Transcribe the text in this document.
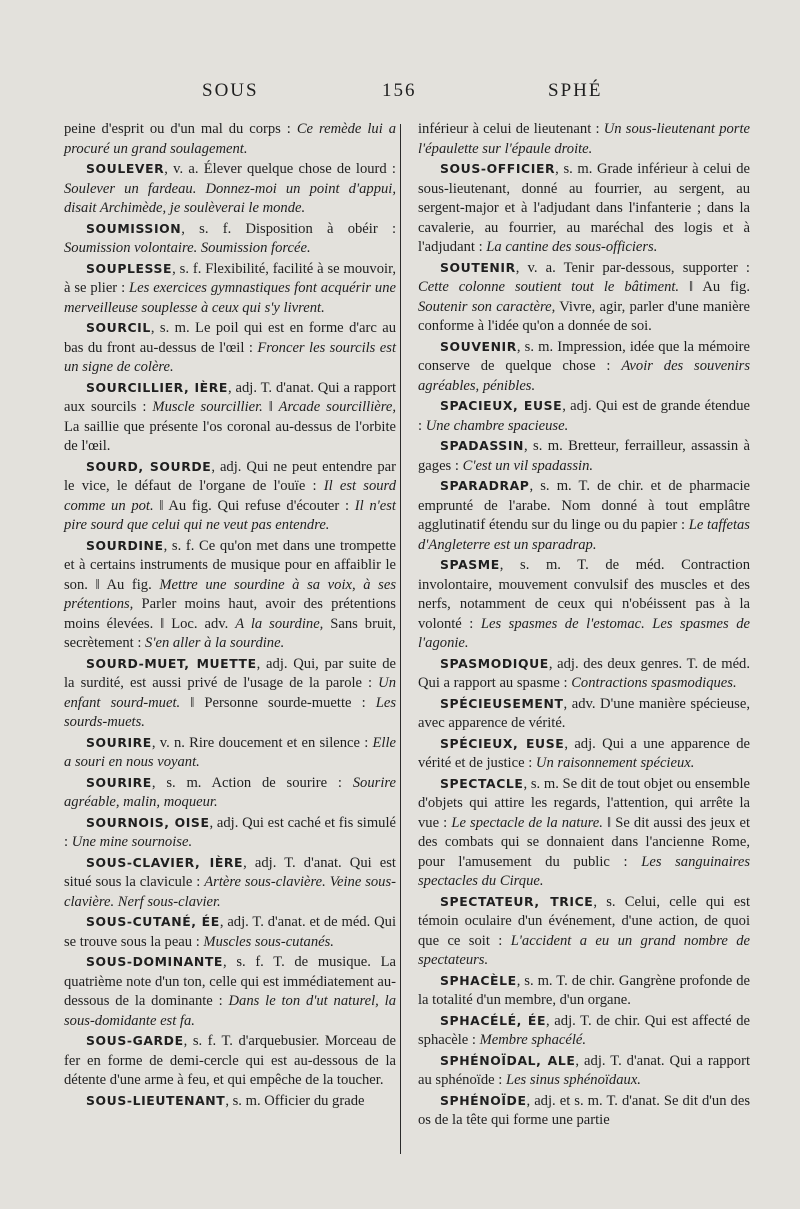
SOUS	156	SPHÉ

peine d'esprit ou d'un mal du corps : Ce remède lui a procuré un grand soulagement.

SOULEVER, v. a. Élever quelque chose de lourd : Soulever un fardeau. Donnez-moi un point d'appui, disait Archimède, je soulèverai le monde.

SOUMISSION, s. f. Disposition à obéir : Soumission volontaire. Soumission forcée.

SOUPLESSE, s. f. Flexibilité, facilité à se mouvoir, à se plier : Les exercices gymnastiques font acquérir une merveilleuse souplesse à ceux qui s'y livrent.

SOURCIL, s. m. Le poil qui est en forme d'arc au bas du front au-dessus de l'œil : Froncer les sourcils est un signe de colère.

SOURCILLIER, IÈRE, adj. T. d'anat. Qui a rapport aux sourcils : Muscle sourcillier. ‖ Arcade sourcillière, La saillie que présente l'os coronal au-dessus de l'orbite de l'œil.

SOURD, SOURDE, adj. Qui ne peut entendre par le vice, le défaut de l'organe de l'ouïe : Il est sourd comme un pot. ‖ Au fig. Qui refuse d'écouter : Il n'est pire sourd que celui qui ne veut pas entendre.

SOURDINE, s. f. Ce qu'on met dans une trompette et à certains instruments de musique pour en affaiblir le son. ‖ Au fig. Mettre une sourdine à sa voix, à ses prétentions, Parler moins haut, avoir des prétentions moins élevées. ‖ Loc. adv. A la sourdine, Sans bruit, secrètement : S'en aller à la sourdine.

SOURD-MUET, MUETTE, adj. Qui, par suite de la surdité, est aussi privé de l'usage de la parole : Un enfant sourd-muet. ‖ Personne sourde-muette : Les sourds-muets.

SOURIRE, v. n. Rire doucement et en silence : Elle a souri en nous voyant.

SOURIRE, s. m. Action de sourire : Sourire agréable, malin, moqueur.

SOURNOIS, OISE, adj. Qui est caché et fis simulé : Une mine sournoise.

SOUS-CLAVIER, IÈRE, adj. T. d'anat. Qui est situé sous la clavicule : Artère sous-clavière. Veine sous-clavière. Nerf sous-clavier.

SOUS-CUTANÉ, ÉE, adj. T. d'anat. et de méd. Qui se trouve sous la peau : Muscles sous-cutanés.

SOUS-DOMINANTE, s. f. T. de musique. La quatrième note d'un ton, celle qui est immédiatement au-dessous de la dominante : Dans le ton d'ut naturel, la sous-domidante est fa.

SOUS-GARDE, s. f. T. d'arquebusier. Morceau de fer en forme de demi-cercle qui est au-dessous de la détente d'une arme à feu, et qui empêche de la toucher.

SOUS-LIEUTENANT, s. m. Officier du grade

inférieur à celui de lieutenant : Un sous-lieutenant porte l'épaulette sur l'épaule droite.

SOUS-OFFICIER, s. m. Grade inférieur à celui de sous-lieutenant, donné au fourrier, au sergent, au sergent-major et à l'adjudant dans l'infanterie ; dans la cavalerie, au fourrier, au maréchal des logis et à l'adjudant : La cantine des sous-officiers.

SOUTENIR, v. a. Tenir par-dessous, supporter : Cette colonne soutient tout le bâtiment. ‖ Au fig. Soutenir son caractère, Vivre, agir, parler d'une manière conforme à l'idée qu'on a donnée de soi.

SOUVENIR, s. m. Impression, idée que la mémoire conserve de quelque chose : Avoir des souvenirs agréables, pénibles.

SPACIEUX, EUSE, adj. Qui est de grande étendue : Une chambre spacieuse.

SPADASSIN, s. m. Bretteur, ferrailleur, assassin à gages : C'est un vil spadassin.

SPARADRAP, s. m. T. de chir. et de pharmacie emprunté de l'arabe. Nom donné à tout emplâtre agglutinatif étendu sur du linge ou du papier : Le taffetas d'Angleterre est un sparadrap.

SPASME, s. m. T. de méd. Contraction involontaire, mouvement convulsif des muscles et des nerfs, notamment de ceux qui n'obéissent pas à la volonté : Les spasmes de l'estomac. Les spasmes de l'agonie.

SPASMODIQUE, adj. des deux genres. T. de méd. Qui a rapport au spasme : Contractions spasmodiques.

SPÉCIEUSEMENT, adv. D'une manière spécieuse, avec apparence de vérité.

SPÉCIEUX, EUSE, adj. Qui a une apparence de vérité et de justice : Un raisonnement spécieux.

SPECTACLE, s. m. Se dit de tout objet ou ensemble d'objets qui attire les regards, l'attention, qui arrête la vue : Le spectacle de la nature. ‖ Se dit aussi des jeux et des combats qui se donnaient dans l'ancienne Rome, pour l'amusement du public : Les sanguinaires spectacles du Cirque.

SPECTATEUR, TRICE, s. Celui, celle qui est témoin oculaire d'un événement, d'une action, de quoi que ce soit : L'accident a eu un grand nombre de spectateurs.

SPHACÈLE, s. m. T. de chir. Gangrène profonde de la totalité d'un membre, d'un organe.

SPHACÉLÉ, ÉE, adj. T. de chir. Qui est affecté de sphacèle : Membre sphacélé.

SPHÉNOÏDAL, ALE, adj. T. d'anat. Qui a rapport au sphénoïde : Les sinus sphénoïdaux.

SPHÉNOÏDE, adj. et s. m. T. d'anat. Se dit d'un des os de la tête qui forme une partie
